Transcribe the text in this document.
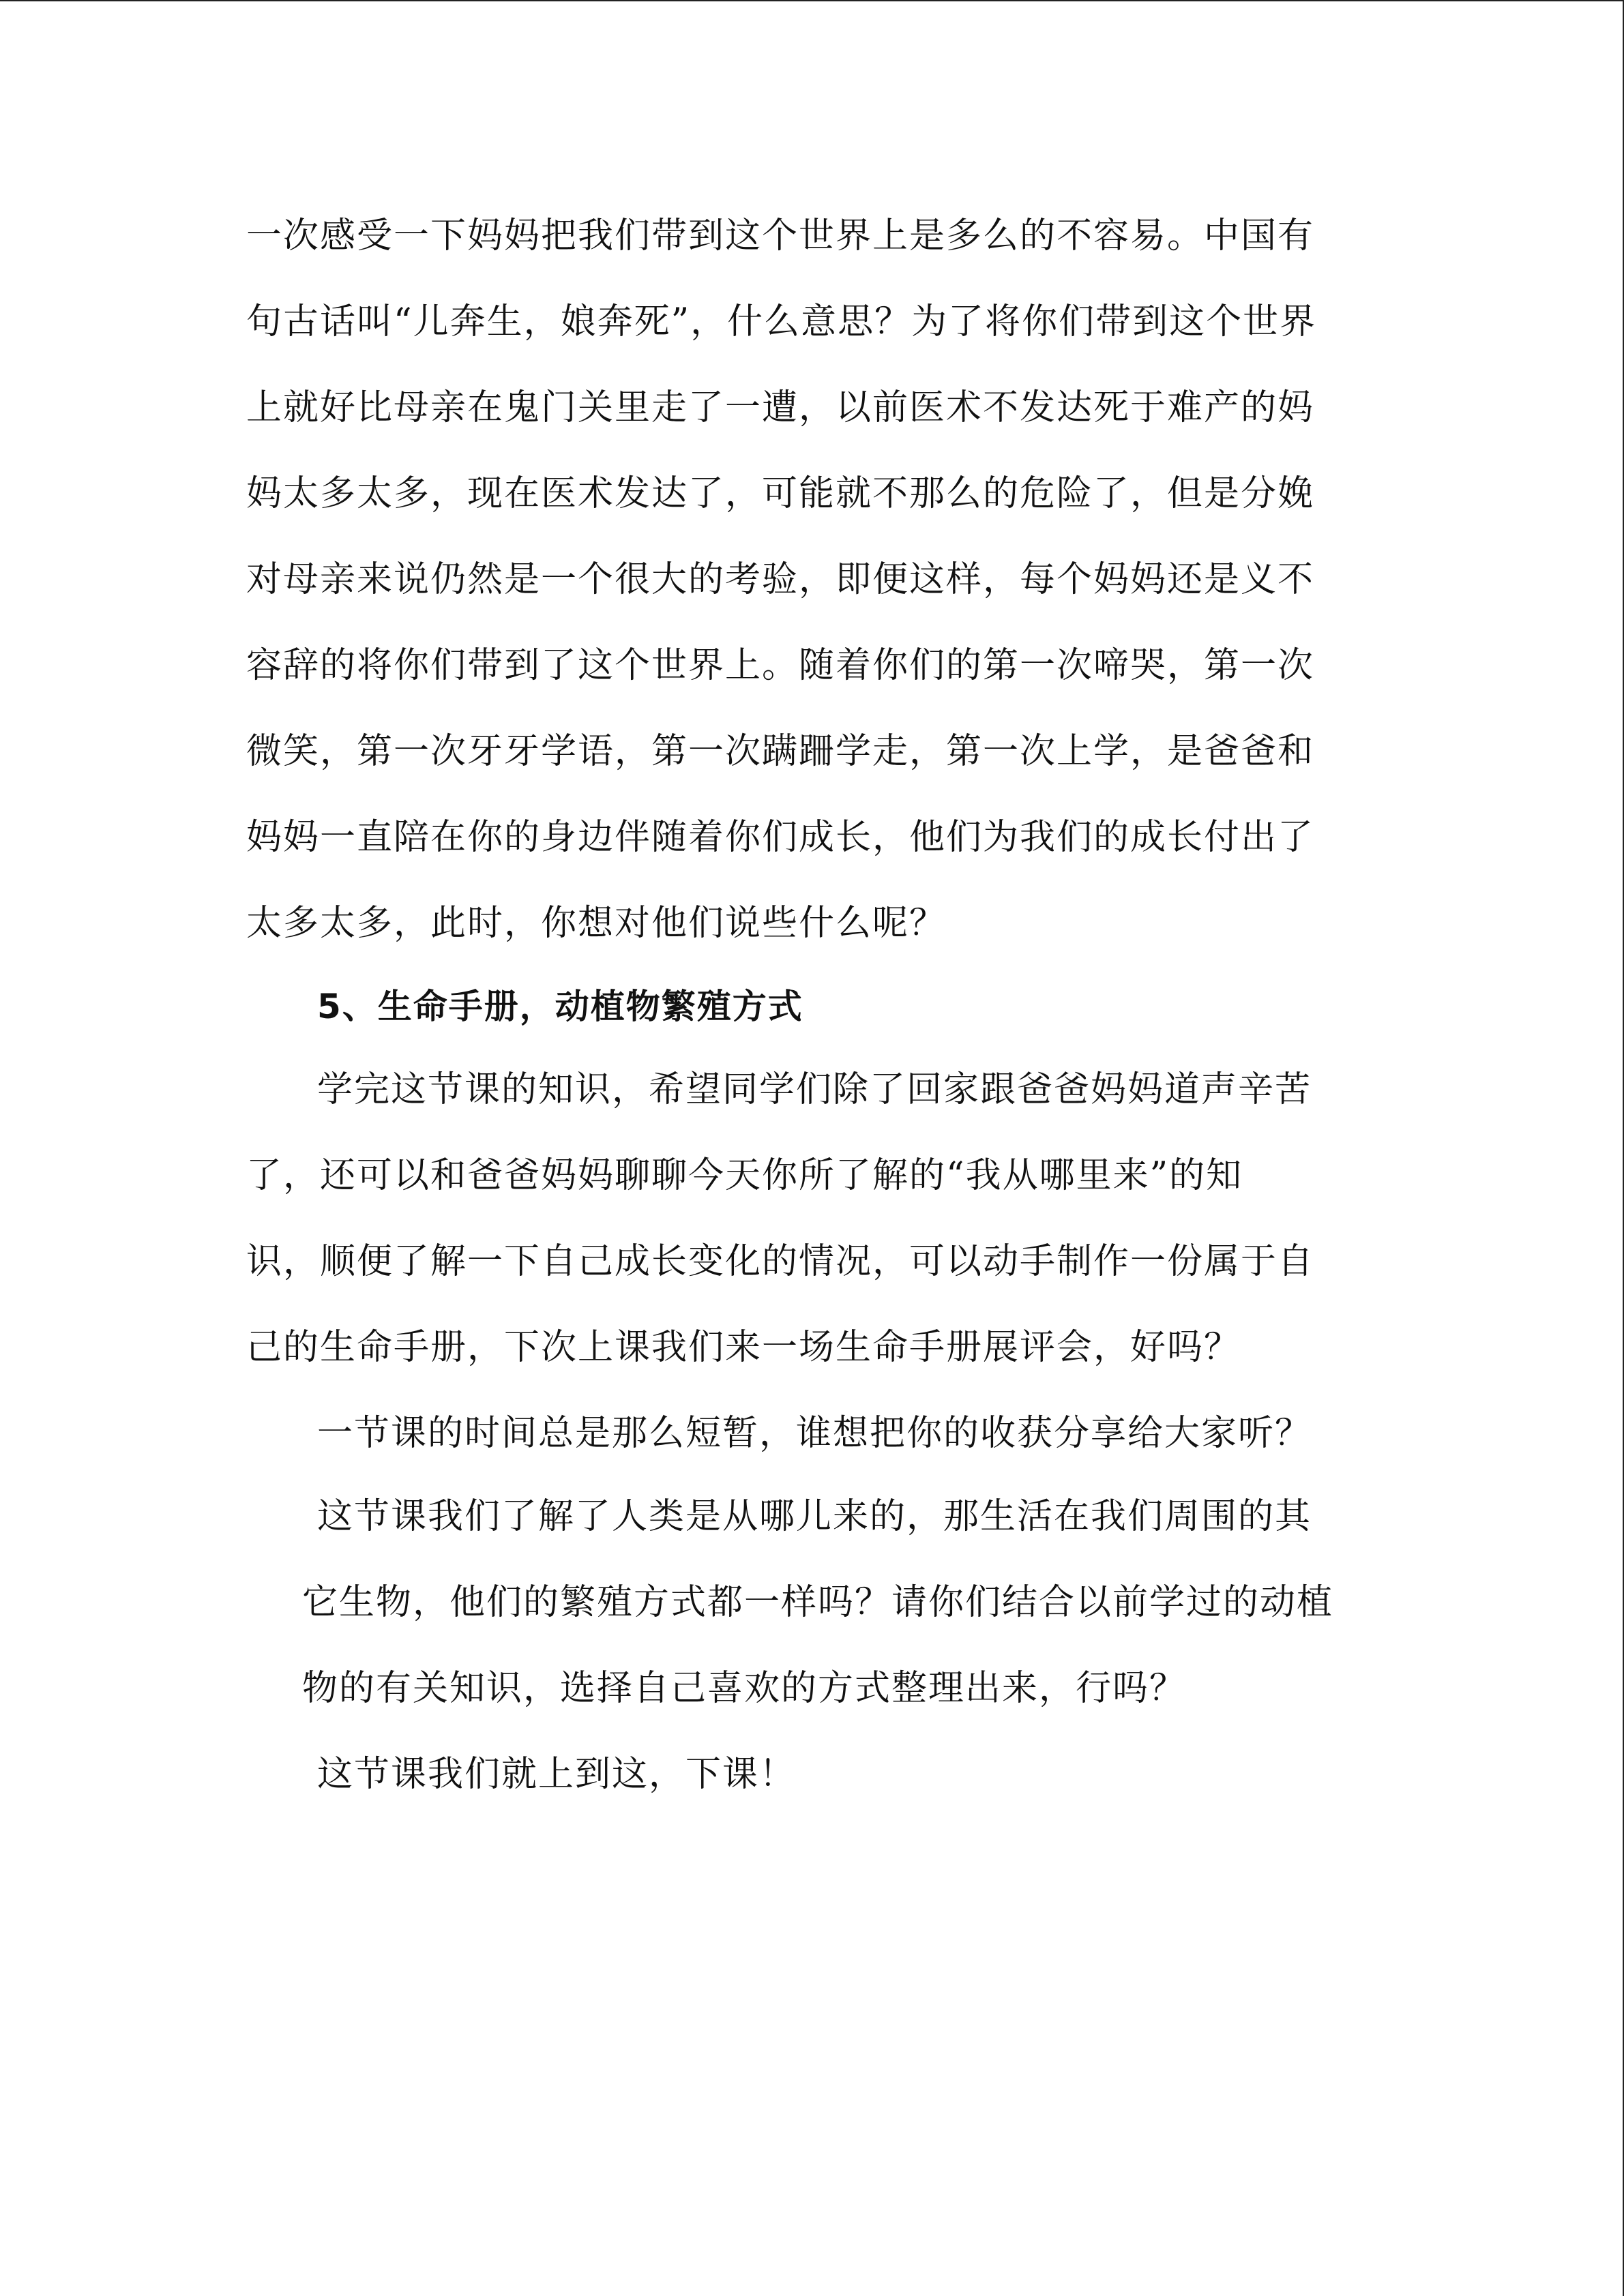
一次感受一下妈妈把我们带到这个世界上是多么的不容易。中国有
句古话叫“儿奔生，娘奔死”，什么意思？为了将你们带到这个世界
上就好比母亲在鬼门关里走了一遭，以前医术不发达死于难产的妈
妈太多太多，现在医术发达了，可能就不那么的危险了，但是分娩
对母亲来说仍然是一个很大的考验，即便这样，每个妈妈还是义不
容辞的将你们带到了这个世界上。随着你们的第一次啼哭，第一次
微笑，第一次牙牙学语，第一次蹒跚学走，第一次上学，是爸爸和
妈妈一直陪在你的身边伴随着你们成长，他们为我们的成长付出了
太多太多，此时，你想对他们说些什么呢？
5、生命手册，动植物繁殖方式
学完这节课的知识，希望同学们除了回家跟爸爸妈妈道声辛苦
了，还可以和爸爸妈妈聊聊今天你所了解的“我从哪里来”的知
识，顺便了解一下自己成长变化的情况，可以动手制作一份属于自
己的生命手册，下次上课我们来一场生命手册展评会，好吗？
一节课的时间总是那么短暂，谁想把你的收获分享给大家听？
这节课我们了解了人类是从哪儿来的，那生活在我们周围的其
它生物，他们的繁殖方式都一样吗？请你们结合以前学过的动植
物的有关知识，选择自己喜欢的方式整理出来，行吗？
这节课我们就上到这，下课！
